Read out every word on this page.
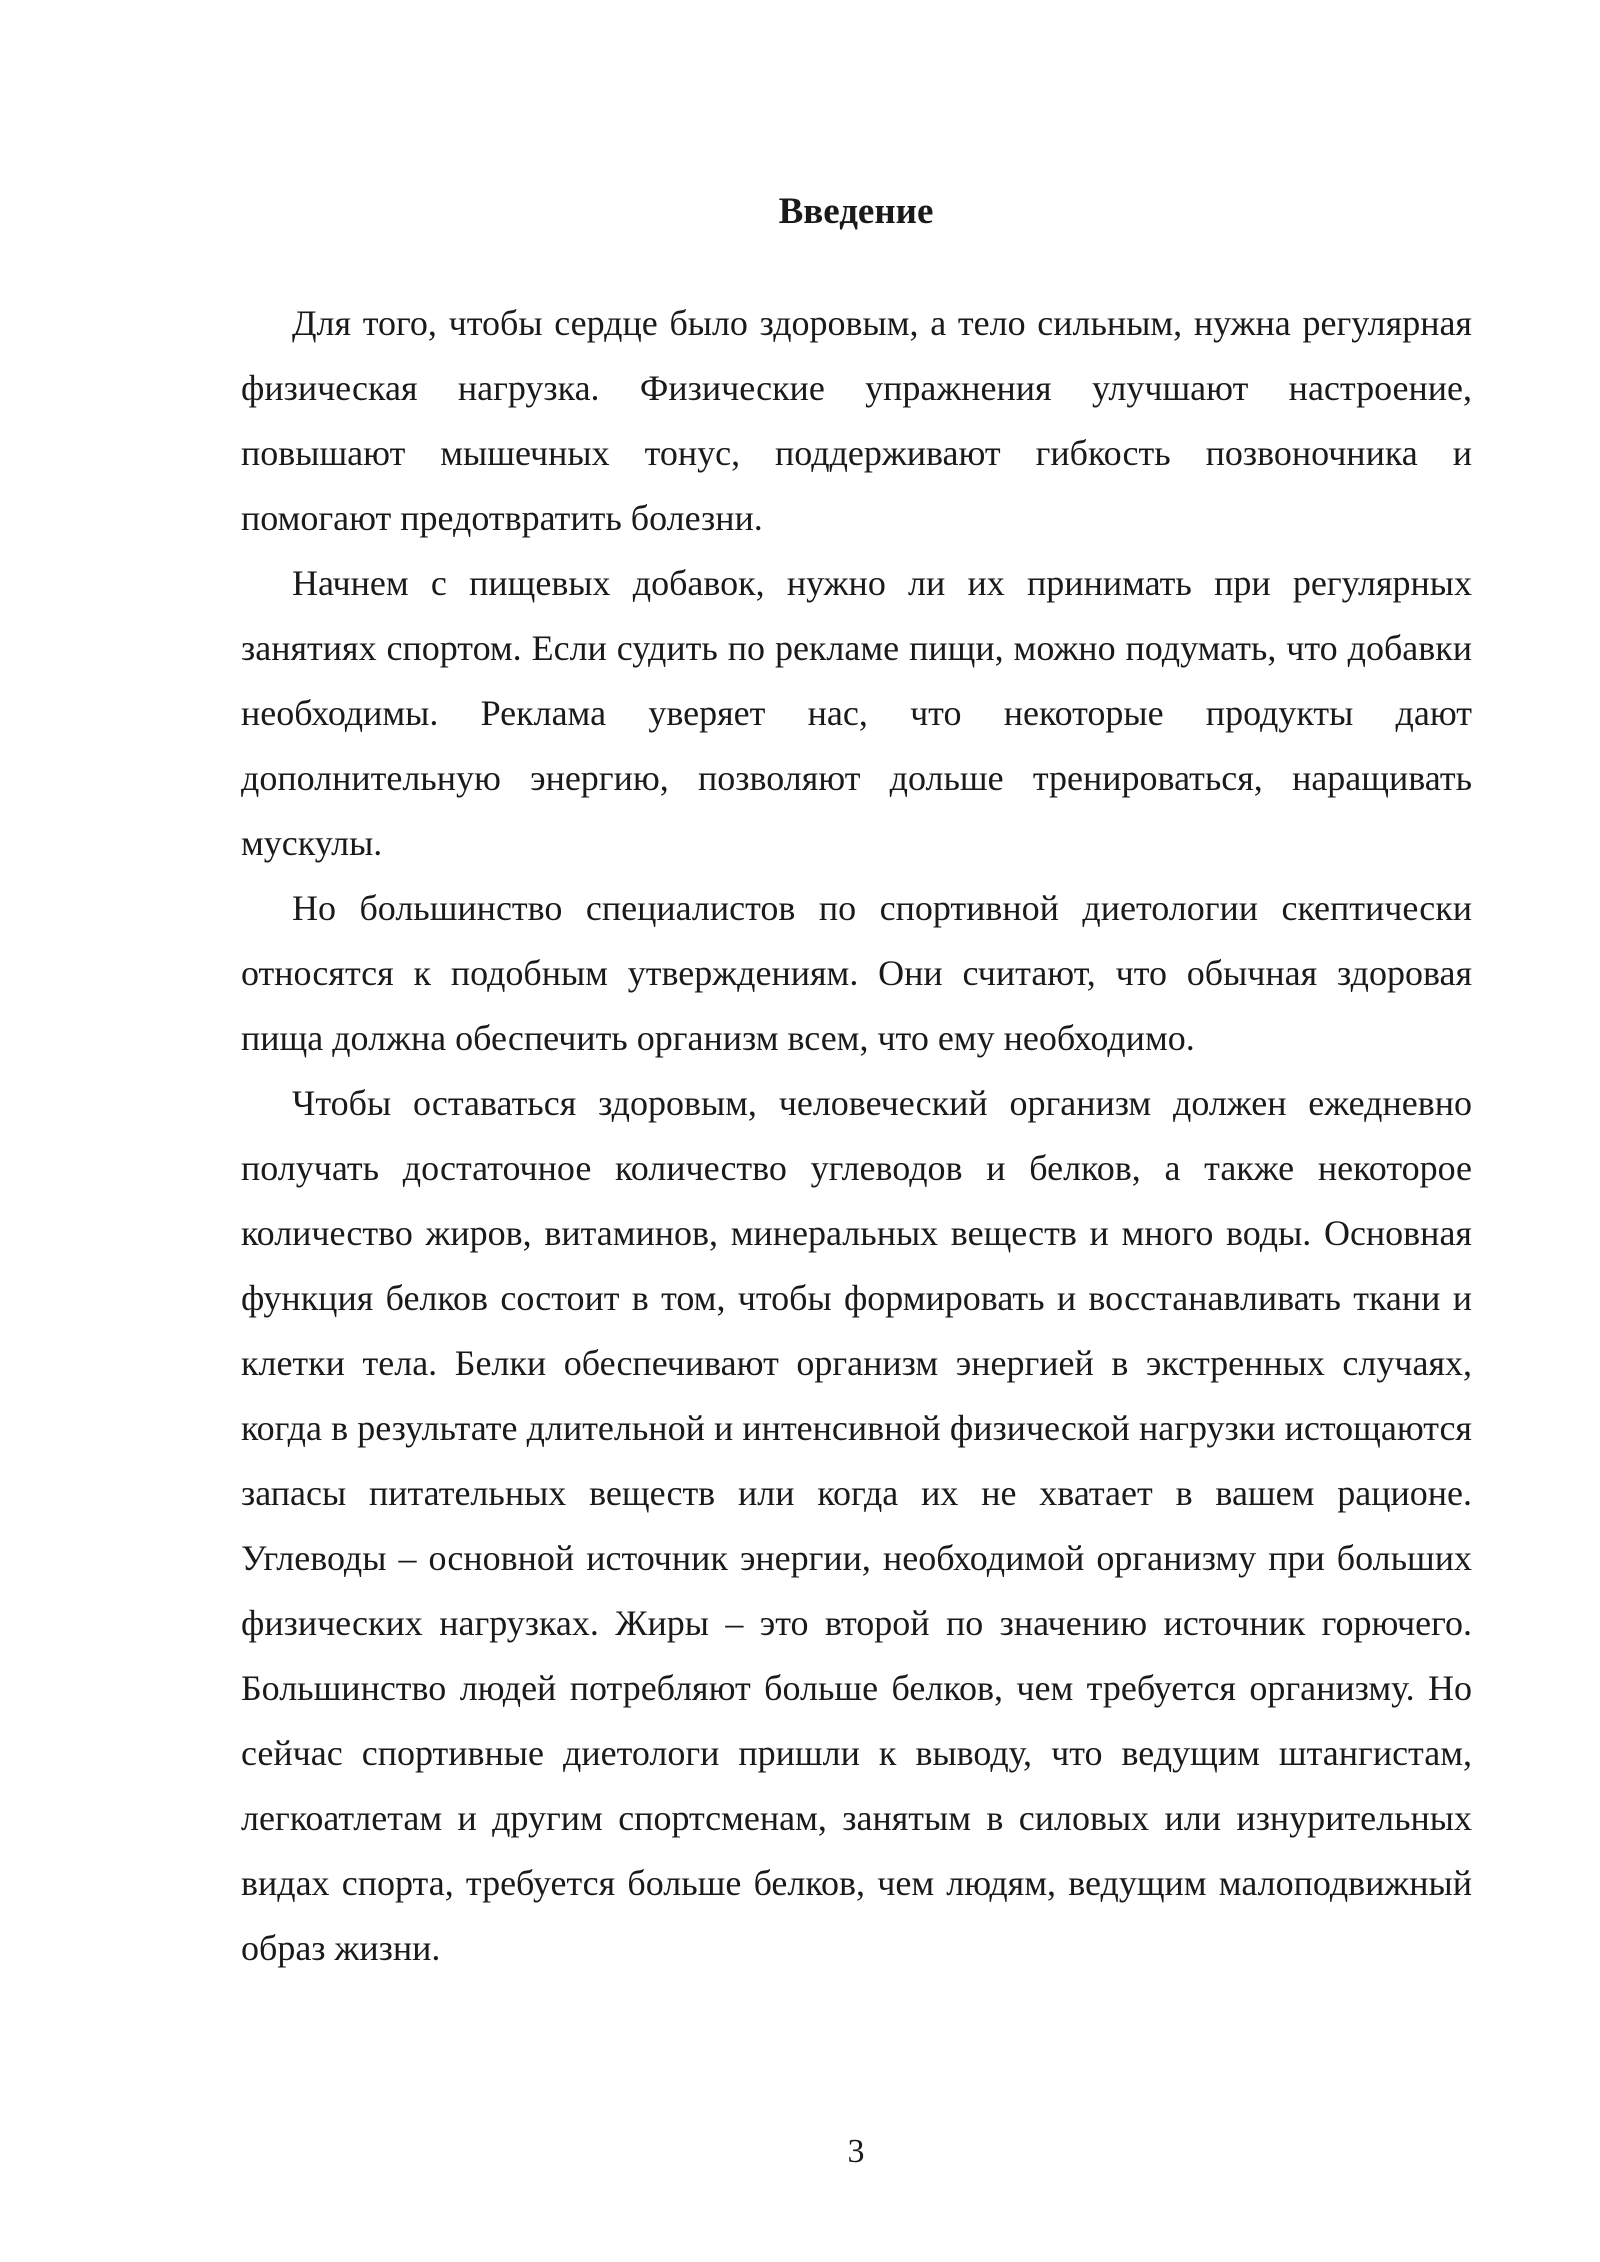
Введение

Для того, чтобы сердце было здоровым, а тело сильным, нужна регулярная физическая нагрузка. Физические упражнения улучшают настроение, повышают мышечных тонус, поддерживают гибкость позвоночника и помогают предотвратить болезни.

Начнем с пищевых добавок, нужно ли их принимать при регулярных занятиях спортом. Если судить по рекламе пищи, можно подумать, что добавки необходимы. Реклама уверяет нас, что некоторые продукты дают дополнительную энергию, позволяют дольше тренироваться, наращивать мускулы.

Но большинство специалистов по спортивной диетологии скептически относятся к подобным утверждениям. Они считают, что обычная здоровая пища должна обеспечить организм всем, что ему необходимо.

Чтобы оставаться здоровым, человеческий организм должен ежедневно получать достаточное количество углеводов и белков, а также некоторое количество жиров, витаминов, минеральных веществ и много воды. Основная функция белков состоит в том, чтобы формировать и восстанавливать ткани и клетки тела. Белки обеспечивают организм энергией в экстренных случаях, когда в результате длительной и интенсивной физической нагрузки истощаются запасы питательных веществ или когда их не хватает в вашем рационе. Углеводы – основной источник энергии, необходимой организму при больших физических нагрузках. Жиры – это второй по значению источник горючего. Большинство людей потребляют больше белков, чем требуется организму. Но сейчас спортивные диетологи пришли к выводу, что ведущим штангистам, легкоатлетам и другим спортсменам, занятым в силовых или изнурительных видах спорта, требуется больше белков, чем людям, ведущим малоподвижный образ жизни.

3
